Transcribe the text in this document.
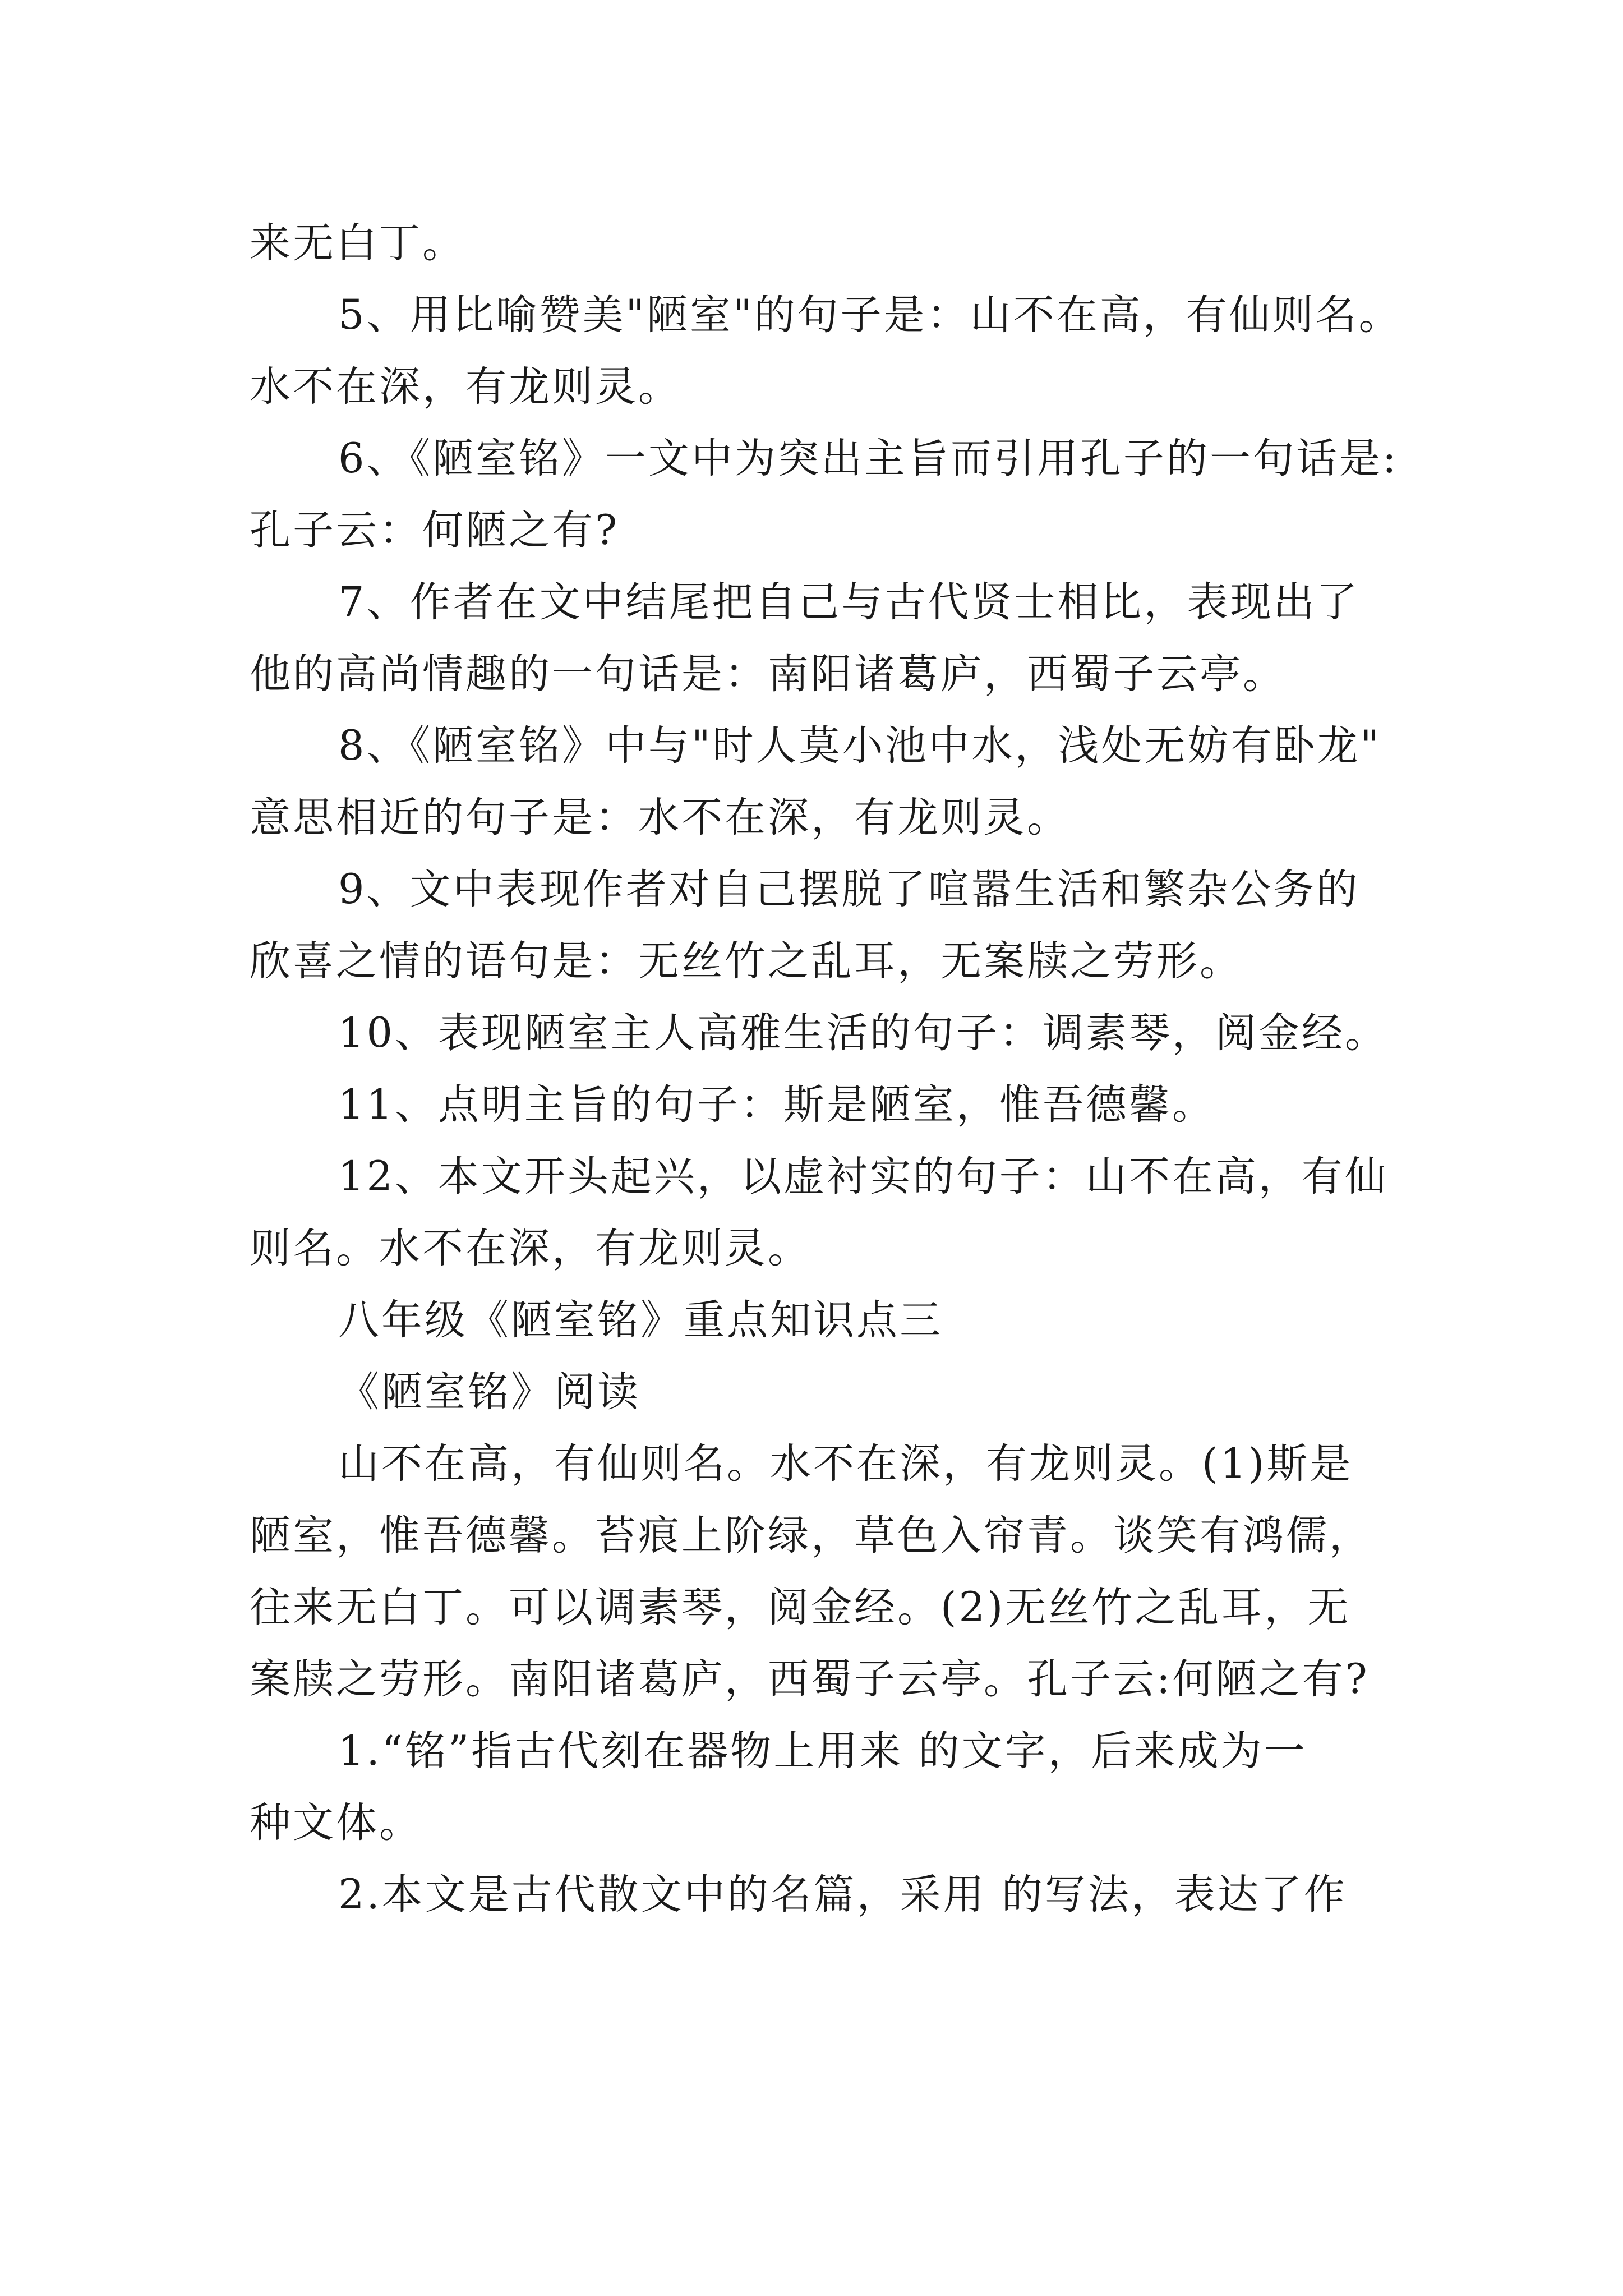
来无白丁。
5、用比喻赞美"陋室"的句子是：山不在高，有仙则名。
水不在深，有龙则灵。
6、《陋室铭》一文中为突出主旨而引用孔子的一句话是:
孔子云：何陋之有?
7、作者在文中结尾把自己与古代贤士相比，表现出了
他的高尚情趣的一句话是：南阳诸葛庐，西蜀子云亭。
8、《陋室铭》中与"时人莫小池中水，浅处无妨有卧龙"
意思相近的句子是：水不在深，有龙则灵。
9、文中表现作者对自己摆脱了喧嚣生活和繁杂公务的
欣喜之情的语句是：无丝竹之乱耳，无案牍之劳形。
10、表现陋室主人高雅生活的句子：调素琴，阅金经。
11、点明主旨的句子：斯是陋室，惟吾德馨。
12、本文开头起兴，以虚衬实的句子：山不在高，有仙
则名。水不在深，有龙则灵。
八年级《陋室铭》重点知识点三
《陋室铭》阅读
山不在高，有仙则名。水不在深，有龙则灵。(1)斯是
陋室，惟吾德馨。苔痕上阶绿，草色入帘青。谈笑有鸿儒，
往来无白丁。可以调素琴，阅金经。(2)无丝竹之乱耳，无
案牍之劳形。南阳诸葛庐，西蜀子云亭。孔子云:何陋之有?
1.“铭”指古代刻在器物上用来 的文字，后来成为一
种文体。
2.本文是古代散文中的名篇，采用 的写法，表达了作
